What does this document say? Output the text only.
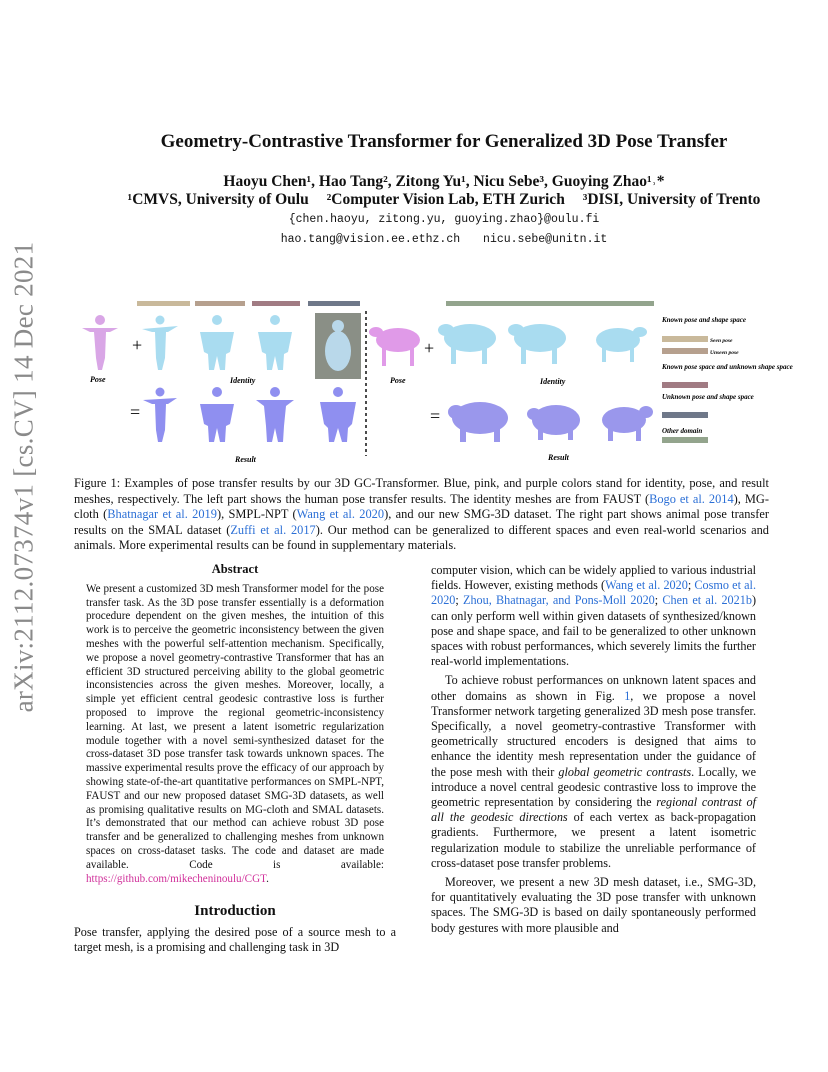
arXiv:2112.07374v1 [cs.CV] 14 Dec 2021
Geometry-Contrastive Transformer for Generalized 3D Pose Transfer
Haoyu Chen¹, Hao Tang², Zitong Yu¹, Nicu Sebe³, Guoying Zhao¹˒*
¹CMVS, University of Oulu ²Computer Vision Lab, ETH Zurich ³DISI, University of Trento
{chen.haoyu, zitong.yu, guoying.zhao}@oulu.fi
hao.tang@vision.ee.ethz.ch nicu.sebe@unitn.it
+
Pose	Identity
=
Result
+
Pose	Identity
=
Result
Known pose and shape space
Seen pose
Unseen pose
Known pose space and unknown shape space
Unknown pose and shape space
Other domain
Figure 1: Examples of pose transfer results by our 3D GC-Transformer. Blue, pink, and purple colors stand for identity, pose, and result meshes, respectively. The left part shows the human pose transfer results. The identity meshes are from FAUST (Bogo et al. 2014), MG-cloth (Bhatnagar et al. 2019), SMPL-NPT (Wang et al. 2020), and our new SMG-3D dataset. The right part shows animal pose transfer results on the SMAL dataset (Zuffi et al. 2017). Our method can be generalized to different spaces and even real-world scenarios and animals. More experimental results can be found in supplementary materials.
Abstract

We present a customized 3D mesh Transformer model for the pose transfer task. As the 3D pose transfer essentially is a deformation procedure dependent on the given meshes, the intuition of this work is to perceive the geometric inconsistency between the given meshes with the powerful self-attention mechanism. Specifically, we propose a novel geometry-contrastive Transformer that has an efficient 3D structured perceiving ability to the global geometric inconsistencies across the given meshes. Moreover, locally, a simple yet efficient central geodesic contrastive loss is further proposed to improve the regional geometric-inconsistency learning. At last, we present a latent isometric regularization module together with a novel semi-synthesized dataset for the cross-dataset 3D pose transfer task towards unknown spaces. The massive experimental results prove the efficacy of our approach by showing state-of-the-art quantitative performances on SMPL-NPT, FAUST and our new proposed dataset SMG-3D datasets, as well as promising qualitative results on MG-cloth and SMAL datasets. It’s demonstrated that our method can achieve robust 3D pose transfer and be generalized to challenging meshes from unknown spaces on cross-dataset tasks. The code and dataset are made available. Code is available: https://github.com/mikecheninoulu/CGT.

Introduction
Pose transfer, applying the desired pose of a source mesh to a target mesh, is a promising and challenging task in 3D

computer vision, which can be widely applied to various industrial fields. However, existing methods (Wang et al. 2020; Cosmo et al. 2020; Zhou, Bhatnagar, and Pons-Moll 2020; Chen et al. 2021b) can only perform well within given datasets of synthesized/known pose and shape space, and fail to be generalized to other unknown spaces with robust performances, which severely limits the further real-world implementations.

To achieve robust performances on unknown latent spaces and other domains as shown in Fig. 1, we propose a novel Transformer network targeting generalized 3D mesh pose transfer. Specifically, a novel geometry-contrastive Transformer with geometrically structured encoders is designed that aims to enhance the identity mesh representation under the guidance of the pose mesh with their global geometric contrasts. Locally, we introduce a novel central geodesic contrastive loss to improve the geometric representation by considering the regional contrast of all the geodesic directions of each vertex as back-propagation gradients. Furthermore, we present a latent isometric regularization module to stabilize the unreliable performance of cross-dataset pose transfer problems.

Moreover, we present a new 3D mesh dataset, i.e., SMG-3D, for quantitatively evaluating the 3D pose transfer with unknown spaces. The SMG-3D is based on daily spontaneously performed body gestures with more plausible and
